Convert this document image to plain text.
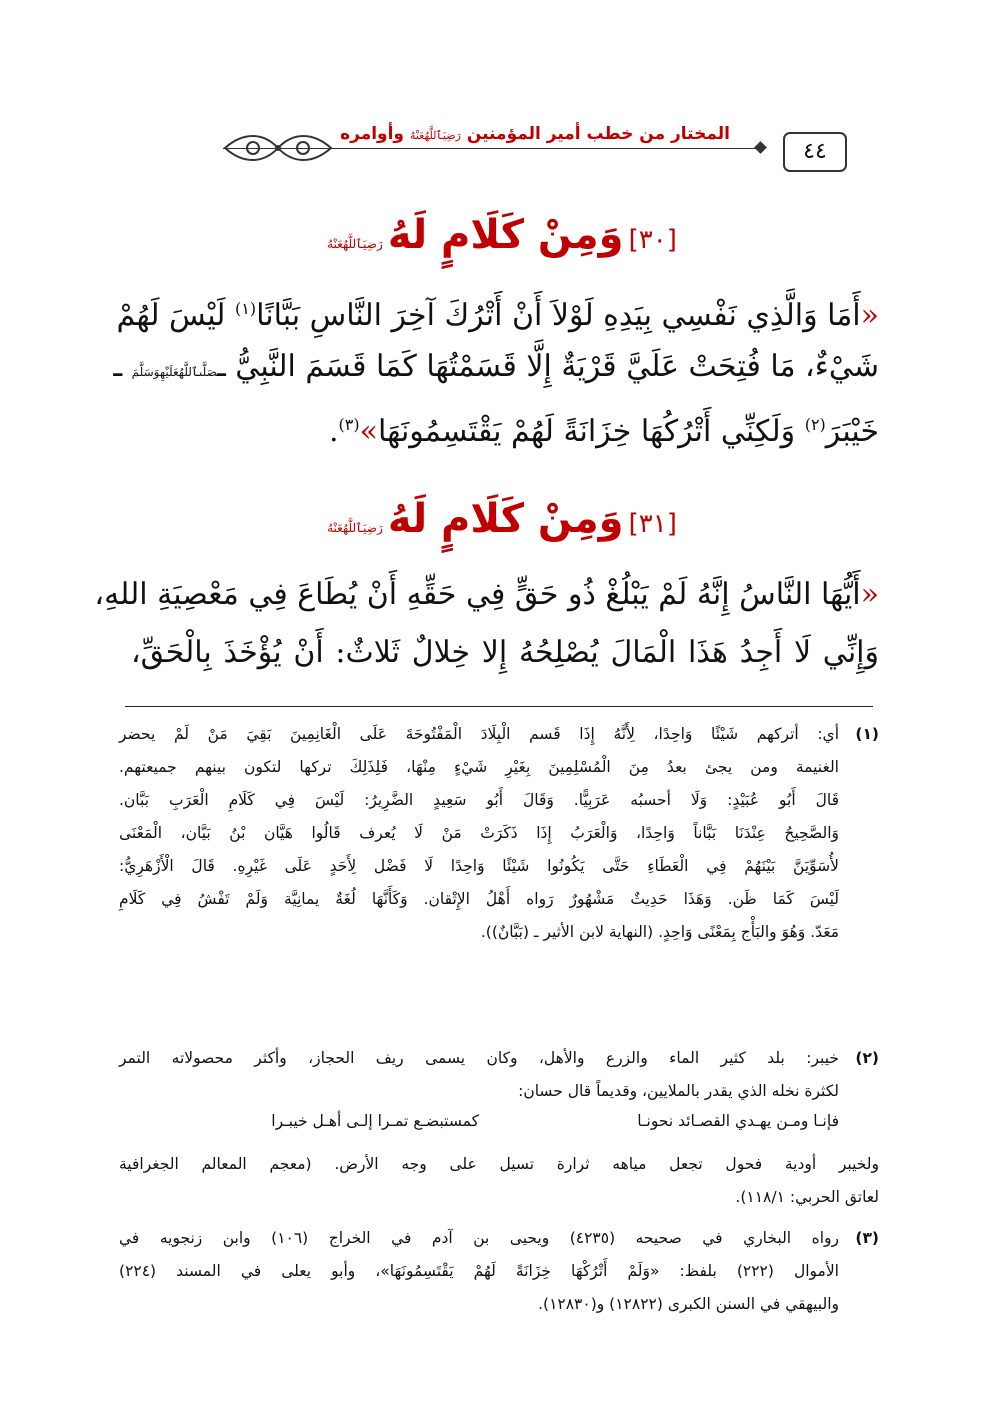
المختار من خطب أمير المؤمنين رَضِيَٱللَّهُعَنْهُ وأوامره
٤٤
[٣٠] وَمِنْ كَلَامٍ لَهُ رَضِيَٱللَّهُعَنْهُ
«أَمَا وَالَّذِي نَفْسِي بِيَدِهِ لَوْلاَ أَنْ أَتْرُكَ آخِرَ النَّاسِ بَبَّانًا$^{(١)}$ لَيْسَ لَهُمْ
شَيْءٌ، مَا فُتِحَتْ عَلَيَّ قَرْيَةٌ إِلَّا قَسَمْتُهَا كَمَا قَسَمَ النَّبِيُّ ـصَلَّىٱللَّهُعَلَيْهِوَسَلَّمَ ـ
خَيْبَرَ$^{(٢)}$ وَلَكِنِّي أَتْرُكُهَا خِزَانَةً لَهُمْ يَقْتَسِمُونَهَا»$^{(٣)}$.
[٣١] وَمِنْ كَلَامٍ لَهُ رَضِيَٱللَّهُعَنْهُ
«أَيُّهَا النَّاسُ إِنَّهُ لَمْ يَبْلُغْ ذُو حَقٍّ فِي حَقِّهِ أَنْ يُطَاعَ فِي مَعْصِيَةِ اللهِ،
وَإِنِّي لَا أَجِدُ هَذَا الْمَالَ يُصْلِحُهُ إِلا خِلالٌ ثَلاثٌ: أَنْ يُؤْخَذَ بِالْحَقِّ،
(١)أي: أتركهم شَيْئًا وَاحِدًا، لِأَنَّهُ إِذَا قَسم الْبِلَادَ الْمَفْتُوحَةَ عَلَى الْغَانِمِينَ بَقِيَ مَنْ لَمْ يحضر
الغنيمة ومن يجئ بعدُ مِنَ الْمُسْلِمِينَ بِغَيْرِ شَيْءٍ مِنْهَا، فَلِذَلِكَ تركها لتكون بينهم جميعتهم.
قَالَ أَبُو عُبَيْدٍ: وَلَا أحسبُه عَرَبِيًّا. وَقَالَ أَبُو سَعِيدٍ الضَّرِيرُ: لَيْسَ فِي كَلَامِ الْعَرَبِ بَبَّان.
وَالصَّحِيحُ عِنْدَنَا بَبَّاناً وَاحِدًا، وَالْعَرَبُ إِذَا ذَكَرَتْ مَنْ لَا يُعرف قَالُوا هَيَّان بْنُ بَيَّان، الْمَعْنَى
لأُسَوِّيَنَّ بَيْنَهُمْ فِي الْعَطَاءِ حَتَّى يَكُونُوا شَيْئًا وَاحِدًا لَا فَضْل لِأَحَدٍ عَلَى غَيْرِهِ. قَالَ الْأَزْهَرِيُّ:
لَيْسَ كَمَا ظَن. وَهَذَا حَدِيثٌ مَشْهُورٌ رَواه أَهْلُ الإِتْقان. وَكَأَنَّهَا لُغَةٌ يمانِيَّة وَلَمْ تَفْشُ فِي كَلَامِ
مَعَدّ. وَهُوَ والبَأْج بِمَعْنًى وَاحِدٍ. (النهاية لابن الأثير ـ (بَبَّانٌ)).
(٢)خيبر: بلد كثير الماء والزرع والأهل، وكان يسمى ريف الحجاز، وأكثر محصولاته التمر
لكثرة نخله الذي يقدر بالملايين، وقديماً قال حسان:
فإنـا ومـن يهـدي القصـائد نحونـاكمستبضـع تمـرا إلـى أهـل خيبـرا
ولخيبر أودية فحول تجعل مياهه ثرارة تسيل على وجه الأرض. (معجم المعالم الجغرافية
لعاتق الحربي: ١١٨/١).
(٣)رواه البخاري في صحيحه (٤٢٣٥) ويحيى بن آدم في الخراج (١٠٦) وابن زنجويه في
الأموال (٢٢٢) بلفظ: «وَلَمْ أَتْرُكْهَا خِزَانَةً لَهُمْ يَقْتَسِمُونَهَا»، وأبو يعلى في المسند (٢٢٤)
والبيهقي في السنن الكبرى (١٢٨٢٢) و(١٢٨٣٠).
